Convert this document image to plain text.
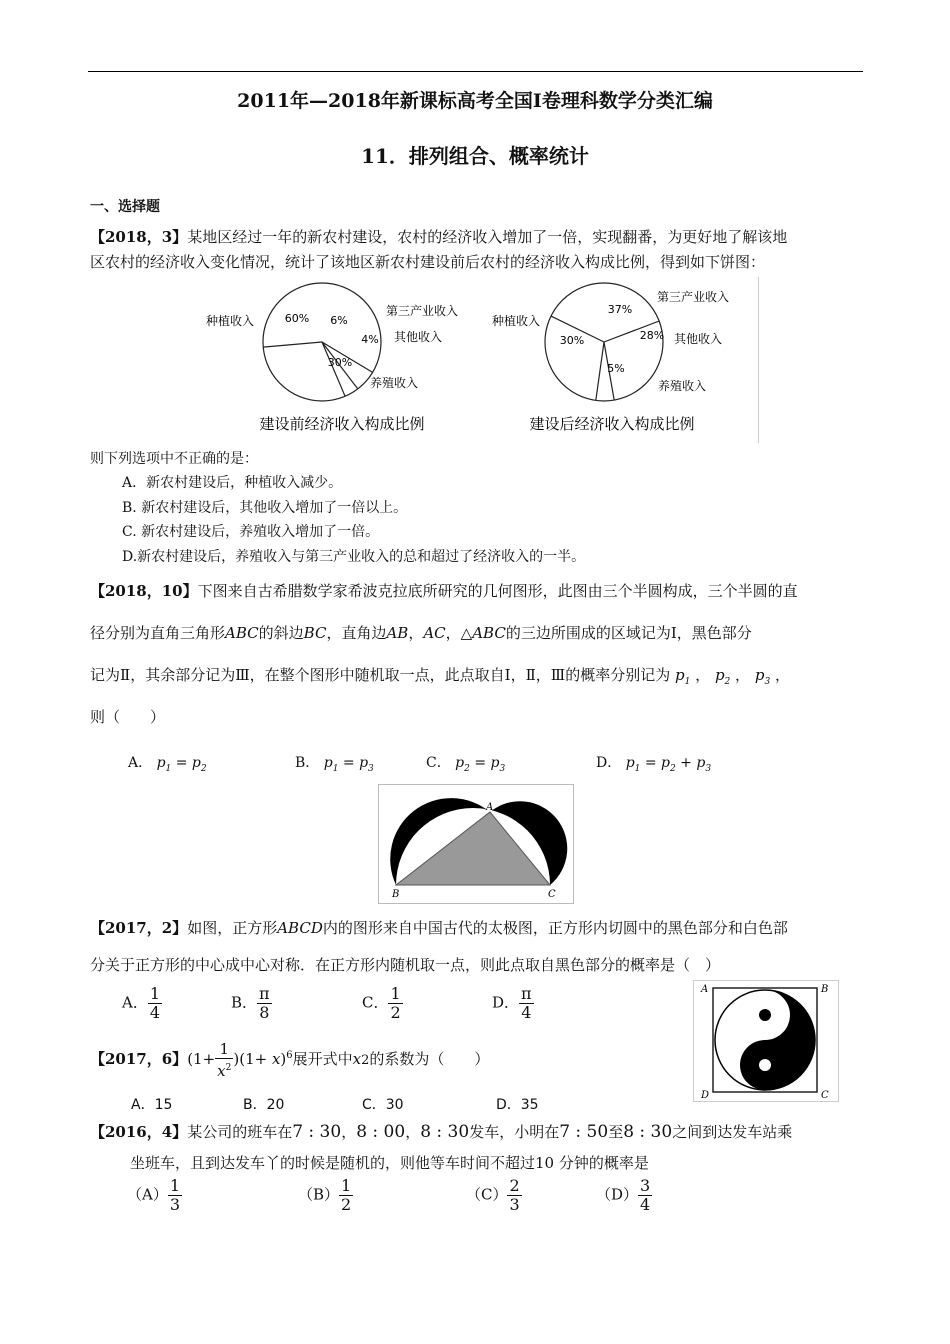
2011年—2018年新课标高考全国Ⅰ卷理科数学分类汇编
11．排列组合、概率统计
一、选择题
【2018，3】某地区经过一年的新农村建设，农村的经济收入增加了一倍，实现翻番，为更好地了解该地
区农村的经济收入变化情况，统计了该地区新农村建设前后农村的经济收入构成比例，得到如下饼图：
种植收入	60%
第三产业收入
6%
其他收入
4%
养殖收入
30%
建设前经济收入构成比例
种植收入
37%
第三产业收入
28% 其他收入
5%
养殖收入
30%
建设后经济收入构成比例
则下列选项中不正确的是：
A．新农村建设后，种植收入减少。
B. 新农村建设后，其他收入增加了一倍以上。
C. 新农村建设后，养殖收入增加了一倍。
D.新农村建设后，养殖收入与第三产业收入的总和超过了经济收入的一半。
【2018，10】下图来自古希腊数学家希波克拉底所研究的几何图形，此图由三个半圆构成，三个半圆的直
径分别为直角三角形ABC的斜边BC，直角边AB，AC，△ABC的三边所围成的区域记为Ⅰ，黑色部分
记为Ⅱ，其余部分记为Ⅲ，在整个图形中随机取一点，此点取自Ⅰ，Ⅱ，Ⅲ的概率分别记为 $p_1$ ， $p_2$ ， $p_3$ ，
则（　　）
A． $p_1 = p_2$	B． $p_1 = p_3$	C． $p_2 = p_3$	D． $p_1 = p_2 + p_3$
A
B	C
【2017，2】如图，正方形ABCD内的图形来自中国古代的太极图，正方形内切圆中的黑色部分和白色部
分关于正方形的中心成中心对称．在正方形内随机取一点，则此点取自黑色部分的概率是（　）
A． $\frac{1}{4}$	B． $\frac{\pi}{8}$	C． $\frac{1}{2}$	D． $\frac{\pi}{4}$	A	B
C
D
【2017，6】$(1+ \frac{1}{x^2} )(1+ x)^6$展开式中x2的系数为（　　）
A．15	B．20	C．30	D．35
【2016，4】某公司的班车在7 : 30，8 : 00，8 : 30发车，小明在7 : 50至8 : 30之间到达发车站乘
坐班车，且到达发车丫的时候是随机的，则他等车时间不超过10 分钟的概率是
$(A) \frac{1}{3}$	$(B) \frac{1}{2}$	$(C) \frac{2}{3}$	$(D) \frac{3}{4}$
